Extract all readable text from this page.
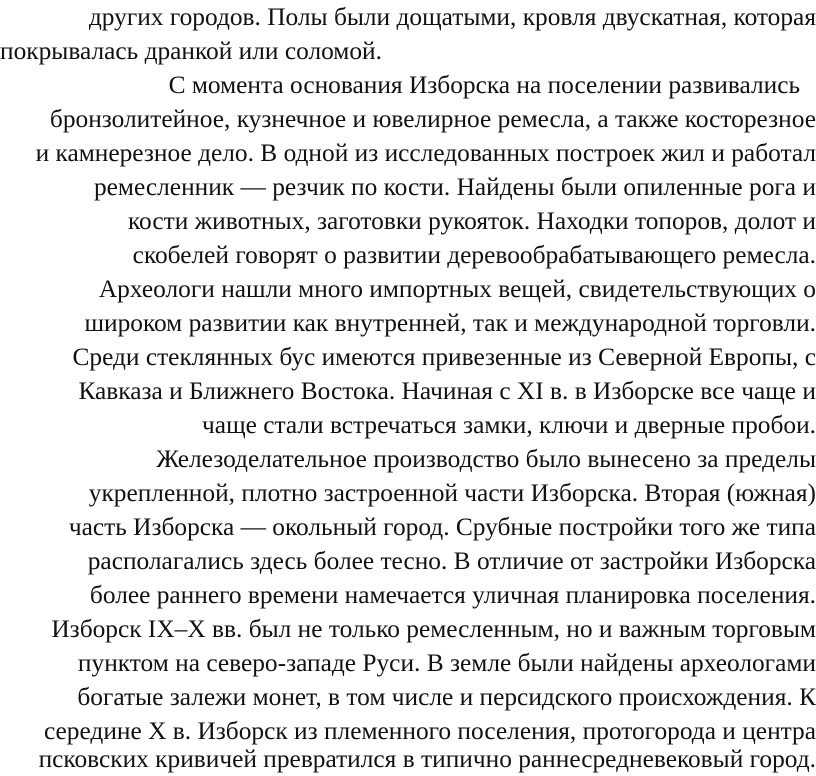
других городов. Полы были дощатыми, кровля двускатная, которая
покрывалась дранкой или соломой.
С момента основания Изборска на поселении развивались
бронзолитейное, кузнечное и ювелирное ремесла, а также косторезное
и камнерезное дело. В одной из исследованных построек жил и работал
ремесленник — резчик по кости. Найдены были опиленные рога и
кости животных, заготовки рукояток. Находки топоров, долот и
скобелей говорят о развитии деревообрабатывающего ремесла.
Археологи нашли много импортных вещей, свидетельствующих о
широком развитии как внутренней, так и международной торговли.
Среди стеклянных бус имеются привезенные из Северной Европы, с
Кавказа и Ближнего Востока. Начиная с XI в. в Изборске все чаще и
чаще стали встречаться замки, ключи и дверные пробои.
Железоделательное производство было вынесено за пределы
укрепленной, плотно застроенной части Изборска. Вторая (южная)
часть Изборска — окольный город. Срубные постройки того же типа
располагались здесь более тесно. В отличие от застройки Изборска
более раннего времени намечается уличная планировка поселения.
Изборск IX–X вв. был не только ремесленным, но и важным торговым
пунктом на северо-западе Руси. В земле были найдены археологами
богатые залежи монет, в том числе и персидского происхождения. К
середине X в. Изборск из племенного поселения, протогорода и центра
псковских кривичей превратился в типично раннесредневековый город.
